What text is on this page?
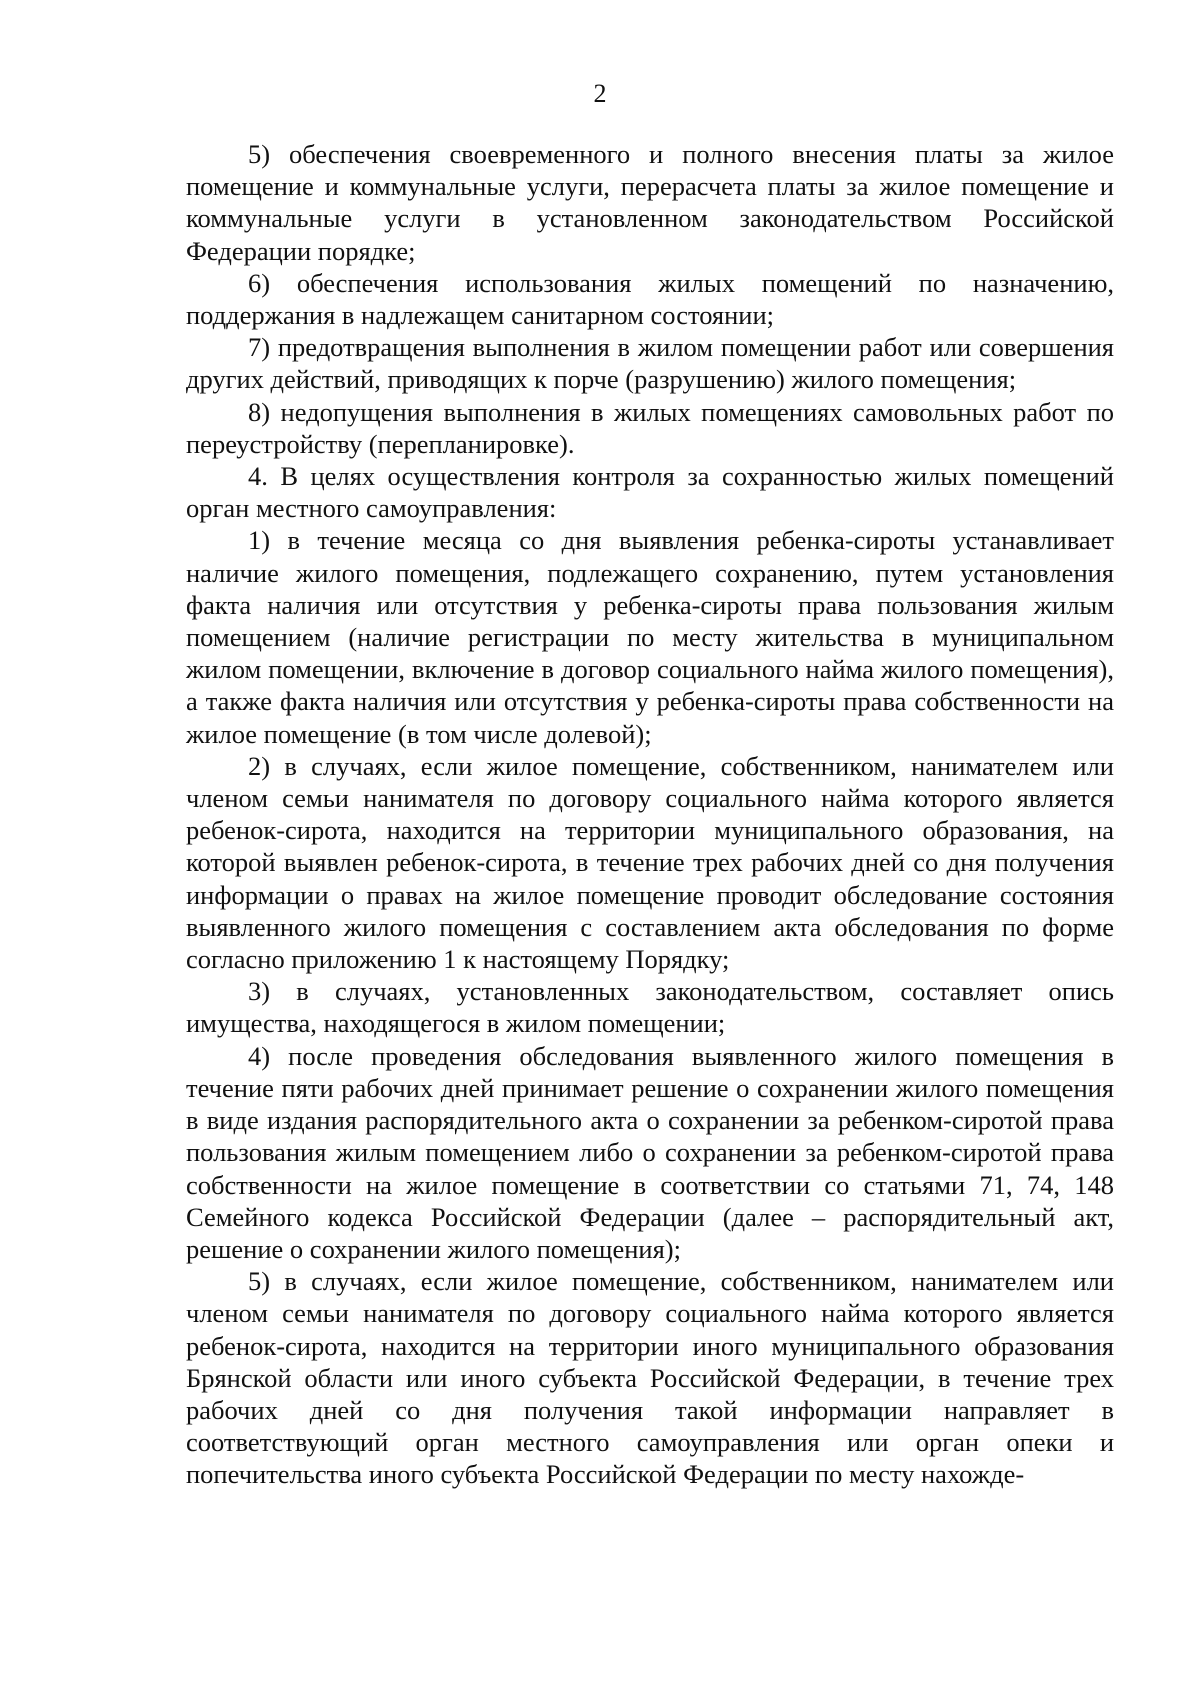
2

5) обеспечения своевременного и полного внесения платы за жилое помещение и коммунальные услуги, перерасчета платы за жилое помещение и коммунальные услуги в установленном законодательством Российской Федерации порядке;

6) обеспечения использования жилых помещений по назначению, поддержания в надлежащем санитарном состоянии;

7) предотвращения выполнения в жилом помещении работ или совершения других действий, приводящих к порче (разрушению) жилого помещения;

8) недопущения выполнения в жилых помещениях самовольных работ по переустройству (перепланировке).

4. В целях осуществления контроля за сохранностью жилых помещений орган местного самоуправления:

1) в течение месяца со дня выявления ребенка-сироты устанавливает наличие жилого помещения, подлежащего сохранению, путем установления факта наличия или отсутствия у ребенка-сироты права пользования жилым помещением (наличие регистрации по месту жительства в муниципальном жилом помещении, включение в договор социального найма жилого помещения), а также факта наличия или отсутствия у ребенка-сироты права собственности на жилое помещение (в том числе долевой);

2) в случаях, если жилое помещение, собственником, нанимателем или членом семьи нанимателя по договору социального найма которого является ребенок-сирота, находится на территории муниципального образования, на которой выявлен ребенок-сирота, в течение трех рабочих дней со дня получения информации о правах на жилое помещение проводит обследование состояния выявленного жилого помещения с составлением акта обследования по форме согласно приложению 1 к настоящему Порядку;

3) в случаях, установленных законодательством, составляет опись имущества, находящегося в жилом помещении;

4) после проведения обследования выявленного жилого помещения в течение пяти рабочих дней принимает решение о сохранении жилого помещения в виде издания распорядительного акта о сохранении за ребенком-сиротой права пользования жилым помещением либо о сохранении за ребенком-сиротой права собственности на жилое помещение в соответствии со статьями 71, 74, 148 Семейного кодекса Российской Федерации (далее – распорядительный акт, решение о сохранении жилого помещения);

5) в случаях, если жилое помещение, собственником, нанимателем или членом семьи нанимателя по договору социального найма которого является ребенок-сирота, находится на территории иного муниципального образования Брянской области или иного субъекта Российской Федерации, в течение трех рабочих дней со дня получения такой информации направляет в соответствующий орган местного самоуправления или орган опеки и попечительства иного субъекта Российской Федерации по месту нахожде-
